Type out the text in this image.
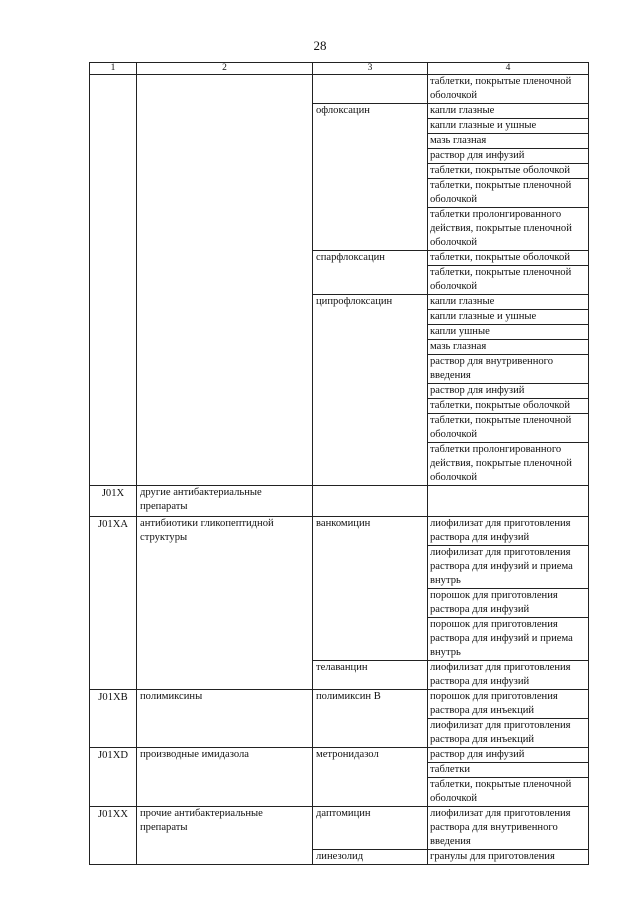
28
1	2	3	4
			таблетки, покрытые пленочной оболочкой
		офлоксацин	капли глазные
			капли глазные и ушные
			мазь глазная
			раствор для инфузий
			таблетки, покрытые оболочкой
			таблетки, покрытые пленочной оболочкой
			таблетки пролонгированного действия, покрытые пленочной оболочкой
		спарфлоксацин	таблетки, покрытые оболочкой
			таблетки, покрытые пленочной оболочкой
		ципрофлоксацин	капли глазные
			капли глазные и ушные
			капли ушные
			мазь глазная
			раствор для внутривенного введения
			раствор для инфузий
			таблетки, покрытые оболочкой
			таблетки, покрытые пленочной оболочкой
			таблетки пролонгированного действия, покрытые пленочной оболочкой
J01X	другие антибактериальные препараты		
J01XA	антибиотики гликопептидной структуры	ванкомицин	лиофилизат для приготовления раствора для инфузий
			лиофилизат для приготовления раствора для инфузий и приема внутрь
			порошок для приготовления раствора для инфузий
			порошок для приготовления раствора для инфузий и приема внутрь
		телаванцин	лиофилизат для приготовления раствора для инфузий
J01XB	полимиксины	полимиксин В	порошок для приготовления раствора для инъекций
			лиофилизат для приготовления раствора для инъекций
J01XD	производные имидазола	метронидазол	раствор для инфузий
			таблетки
			таблетки, покрытые пленочной оболочкой
J01XX	прочие антибактериальные препараты	даптомицин	лиофилизат для приготовления раствора для внутривенного введения
		линезолид	гранулы для приготовления
